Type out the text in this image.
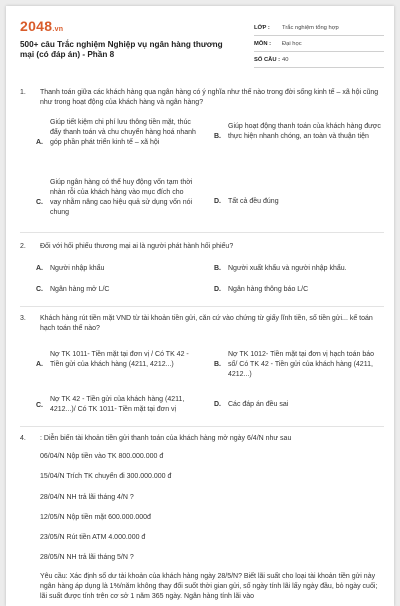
2048.vn
500+ câu Trắc nghiệm Nghiệp vụ ngân hàng thương mại (có đáp án) - Phần 8
LỚP :	Trắc nghiệm tổng hợp
MÔN :	Đại học
SỐ CÂU : 40
1. Thanh toán giữa các khách hàng qua ngân hàng có ý nghĩa như thế nào trong đời sống kinh tế – xã hội cũng như trong hoạt động của khách hàng và ngân hàng?
A.
Giúp tiết kiệm chi phí lưu thông tiền mặt, thúc đẩy thanh toán và chu chuyển hàng hoá nhanh góp phần phát triển kinh tế – xã hội
B.
Giúp hoạt động thanh toán của khách hàng được thực hiện nhanh chóng, an toàn và thuận tiện
C.
Giúp ngân hàng có thể huy động vốn tạm thời nhàn rỗi của khách hàng vào mục đích cho vay nhằm nâng cao hiệu quả sử dụng vốn nói chung
D. Tất cả đều đúng
2. Đối với hối phiếu thương mại ai là người phát hành hối phiếu?
A. Người nhập khẩu	B. Người xuất khẩu và người nhập khẩu.
C. Ngân hàng mở L/C	D. Ngân hàng thông báo L/C
3. Khách hàng rút tiền mặt VND từ tài khoản tiền gửi, căn cứ vào chứng từ giấy lĩnh tiền, số tiền gửi... kế toán hạch toán thế nào?
A.
Nợ TK 1011- Tiền mặt tại đơn vị / Có TK 42 - Tiền gửi của khách hàng (4211, 4212...)	B.
Nợ TK 1012- Tiền mặt tại đơn vị hạch toán báo sổ/ Có TK 42 - Tiền gửi của khách hàng (4211, 4212...)
C.
Nợ TK 42 - Tiền gửi của khách hàng (4211, 4212...)/ Có TK 1011- Tiền mặt tại đơn vị
D. Các đáp án đều sai
4. : Diễn biến tài khoản tiền gửi thanh toán của khách hàng mở ngày 6/4/N như sau
06/04/N Nộp tiền vào TK 800.000.000 đ
15/04/N Trích TK chuyển đi 300.000.000 đ
28/04/N NH trả lãi tháng 4/N ?
12/05/N Nộp tiền mặt 600.000.000đ
23/05/N Rút tiền ATM 4.000.000 đ
28/05/N NH trả lãi tháng 5/N ?
Yêu cầu: Xác định số dư tài khoản của khách hàng ngày 28/5/N? Biết lãi suất cho loại tài khoản tiền gửi này ngân hàng áp dụng là 1%/năm không thay đổi suốt thời gian gửi, số ngày tính lãi lấy ngày đầu, bỏ ngày cuối; lãi suất được tính trên cơ sở 1 năm 365 ngày. Ngân hàng tính lãi vào
